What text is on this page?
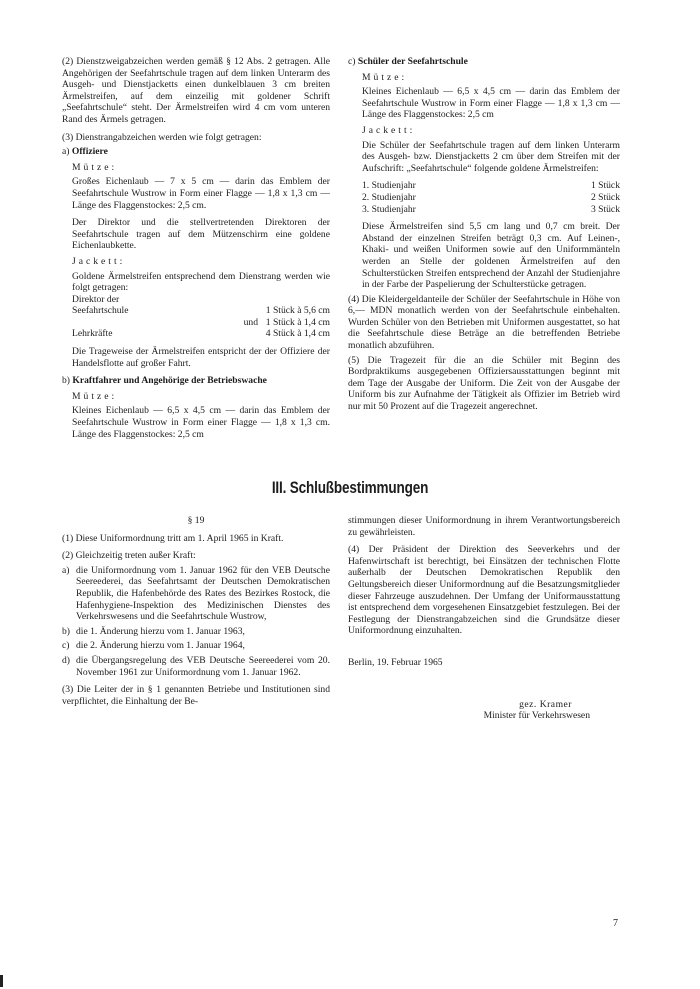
(2) Dienstzweigabzeichen werden gemäß § 12 Abs. 2 getragen. Alle Angehörigen der Seefahrtschule tragen auf dem linken Unterarm des Ausgeh- und Dienstjacketts einen dunkelblauen 3 cm breiten Ärmelstreifen, auf dem einzeilig mit goldener Schrift „Seefahrtschule“ steht. Der Ärmelstreifen wird 4 cm vom unteren Rand des Ärmels getragen.

(3) Dienstrangabzeichen werden wie folgt getragen:

a) Offiziere

Mütze:

Großes Eichenlaub — 7 x 5 cm — darin das Emblem der Seefahrtschule Wustrow in Form einer Flagge — 1,8 x 1,3 cm — Länge des Flaggenstockes: 2,5 cm.

Der Direktor und die stellvertretenden Direktoren der Seefahrtschule tragen auf dem Mützenschirm eine goldene Eichenlaubkette.

Jackett:

Goldene Ärmelstreifen entsprechend dem Dienstrang werden wie folgt getragen:

Direktor der
Seefahrtschule	1 Stück à 5,6 cm
und 1 Stück à 1,4 cm
Lehrkräfte	4 Stück à 1,4 cm

Die Trageweise der Ärmelstreifen entspricht der der Offiziere der Handelsflotte auf großer Fahrt.

b) Kraftfahrer und Angehörige der Betriebswache

Mütze:

Kleines Eichenlaub — 6,5 x 4,5 cm — darin das Emblem der Seefahrtschule Wustrow in Form einer Flagge — 1,8 x 1,3 cm. Länge des Flaggenstockes: 2,5 cm

c) Schüler der Seefahrtschule

Mütze:

Kleines Eichenlaub — 6,5 x 4,5 cm — darin das Emblem der Seefahrtschule Wustrow in Form einer Flagge — 1,8 x 1,3 cm — Länge des Flaggenstockes: 2,5 cm

Jackett:

Die Schüler der Seefahrtschule tragen auf dem linken Unterarm des Ausgeh- bzw. Dienstjacketts 2 cm über dem Streifen mit der Aufschrift: „Seefahrtschule“ folgende goldene Ärmelstreifen:

1. Studienjahr	1 Stück
2. Studienjahr	2 Stück
3. Studienjahr	3 Stück

Diese Ärmelstreifen sind 5,5 cm lang und 0,7 cm breit. Der Abstand der einzelnen Streifen beträgt 0,3 cm. Auf Leinen-, Khaki- und weißen Uniformen sowie auf den Uniformmänteln werden an Stelle der goldenen Ärmelstreifen auf den Schulterstücken Streifen entsprechend der Anzahl der Studienjahre in der Farbe der Paspelierung der Schulterstücke getragen.

(4) Die Kleidergeldanteile der Schüler der Seefahrtschule in Höhe von 6,— MDN monatlich werden von der Seefahrtschule einbehalten. Wurden Schüler von den Betrieben mit Uniformen ausgestattet, so hat die Seefahrtschule diese Beträge an die betreffenden Betriebe monatlich abzuführen.

(5) Die Tragezeit für die an die Schüler mit Beginn des Bordpraktikums ausgegebenen Offiziersausstattungen beginnt mit dem Tage der Ausgabe der Uniform. Die Zeit von der Ausgabe der Uniform bis zur Aufnahme der Tätigkeit als Offizier im Betrieb wird nur mit 50 Prozent auf die Tragezeit angerechnet.

III. Schlußbestimmungen

§ 19

(1) Diese Uniformordnung tritt am 1. April 1965 in Kraft.

(2) Gleichzeitig treten außer Kraft:

a) die Uniformordnung vom 1. Januar 1962 für den VEB Deutsche Seereederei, das Seefahrtsamt der Deutschen Demokratischen Republik, die Hafenbehörde des Rates des Bezirkes Rostock, die Hafenhygiene-Inspektion des Medizinischen Dienstes des Verkehrswesens und die Seefahrtschule Wustrow,

b) die 1. Änderung hierzu vom 1. Januar 1963,

c) die 2. Änderung hierzu vom 1. Januar 1964,

d) die Übergangsregelung des VEB Deutsche Seereederei vom 20. November 1961 zur Uniformordnung vom 1. Januar 1962.

(3) Die Leiter der in § 1 genannten Betriebe und Institutionen sind verpflichtet, die Einhaltung der Be-

stimmungen dieser Uniformordnung in ihrem Verantwortungsbereich zu gewährleisten.

(4) Der Präsident der Direktion des Seeverkehrs und der Hafenwirtschaft ist berechtigt, bei Einsätzen der technischen Flotte außerhalb der Deutschen Demokratischen Republik den Geltungsbereich dieser Uniformordnung auf die Besatzungsmitglieder dieser Fahrzeuge auszudehnen. Der Umfang der Uniformausstattung ist entsprechend dem vorgesehenen Einsatzgebiet festzulegen. Bei der Festlegung der Dienstrangabzeichen sind die Grundsätze dieser Uniformordnung einzuhalten.

Berlin, 19. Februar 1965

gez. Kramer

Minister für Verkehrswesen

7
